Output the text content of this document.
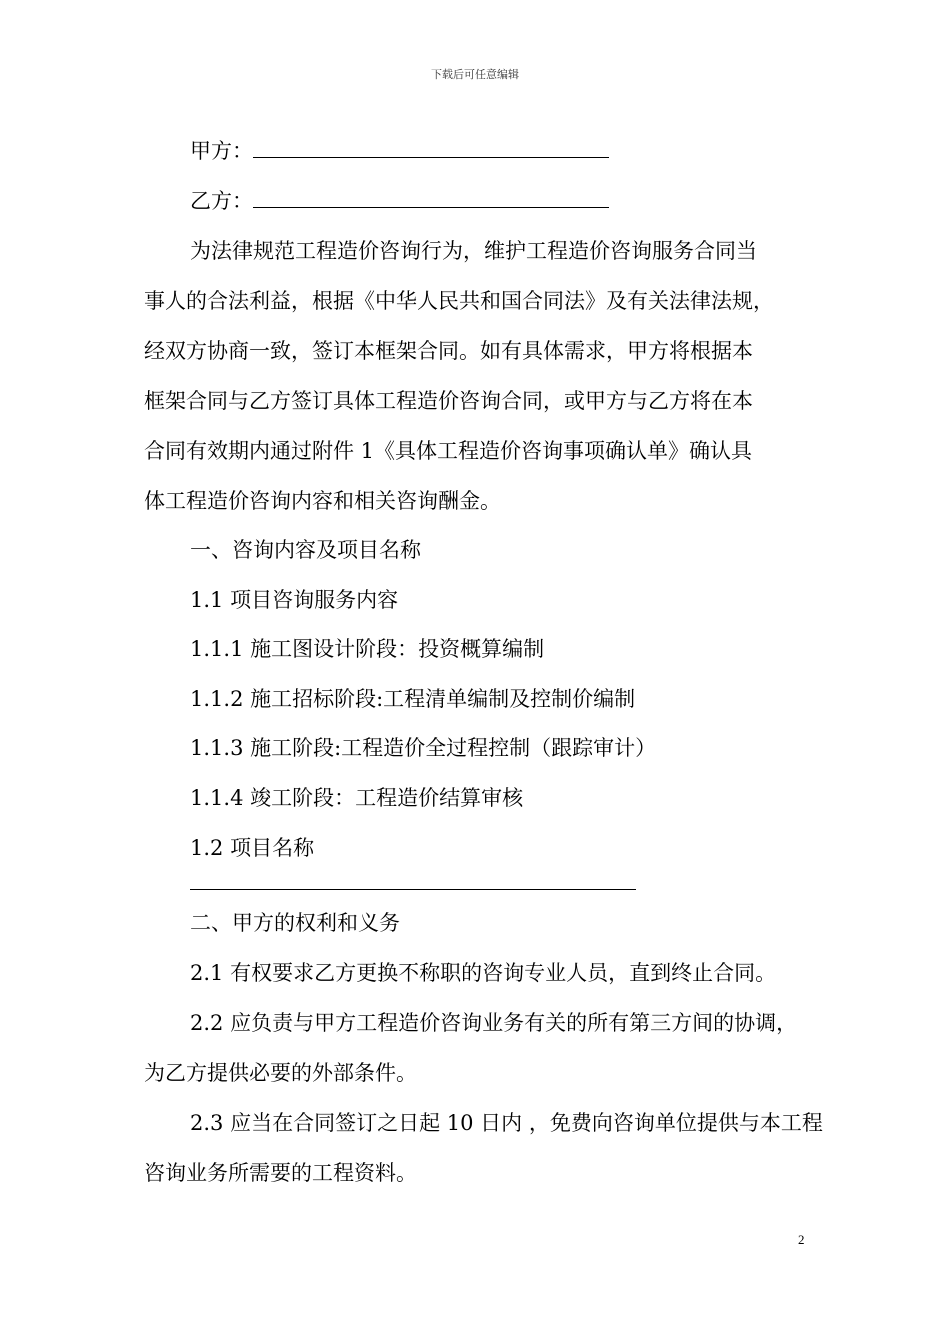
下载后可任意编辑
甲方：
乙方：
为法律规范工程造价咨询行为，维护工程造价咨询服务合同当
事人的合法利益，根据《中华人民共和国合同法》及有关法律法规，
经双方协商一致，签订本框架合同。如有具体需求，甲方将根据本
框架合同与乙方签订具体工程造价咨询合同，或甲方与乙方将在本
合同有效期内通过附件 1《具体工程造价咨询事项确认单》确认具
体工程造价咨询内容和相关咨询酬金。
一、咨询内容及项目名称
1.1 项目咨询服务内容
1.1.1 施工图设计阶段：投资概算编制
1.1.2 施工招标阶段:工程清单编制及控制价编制
1.1.3 施工阶段:工程造价全过程控制（跟踪审计）
1.1.4 竣工阶段：工程造价结算审核
1.2 项目名称
二、甲方的权利和义务
2.1 有权要求乙方更换不称职的咨询专业人员，直到终止合同。
2.2 应负责与甲方工程造价咨询业务有关的所有第三方间的协调，
为乙方提供必要的外部条件。
2.3 应当在合同签订之日起 10 日内 ，免费向咨询单位提供与本工程
咨询业务所需要的工程资料。
2
